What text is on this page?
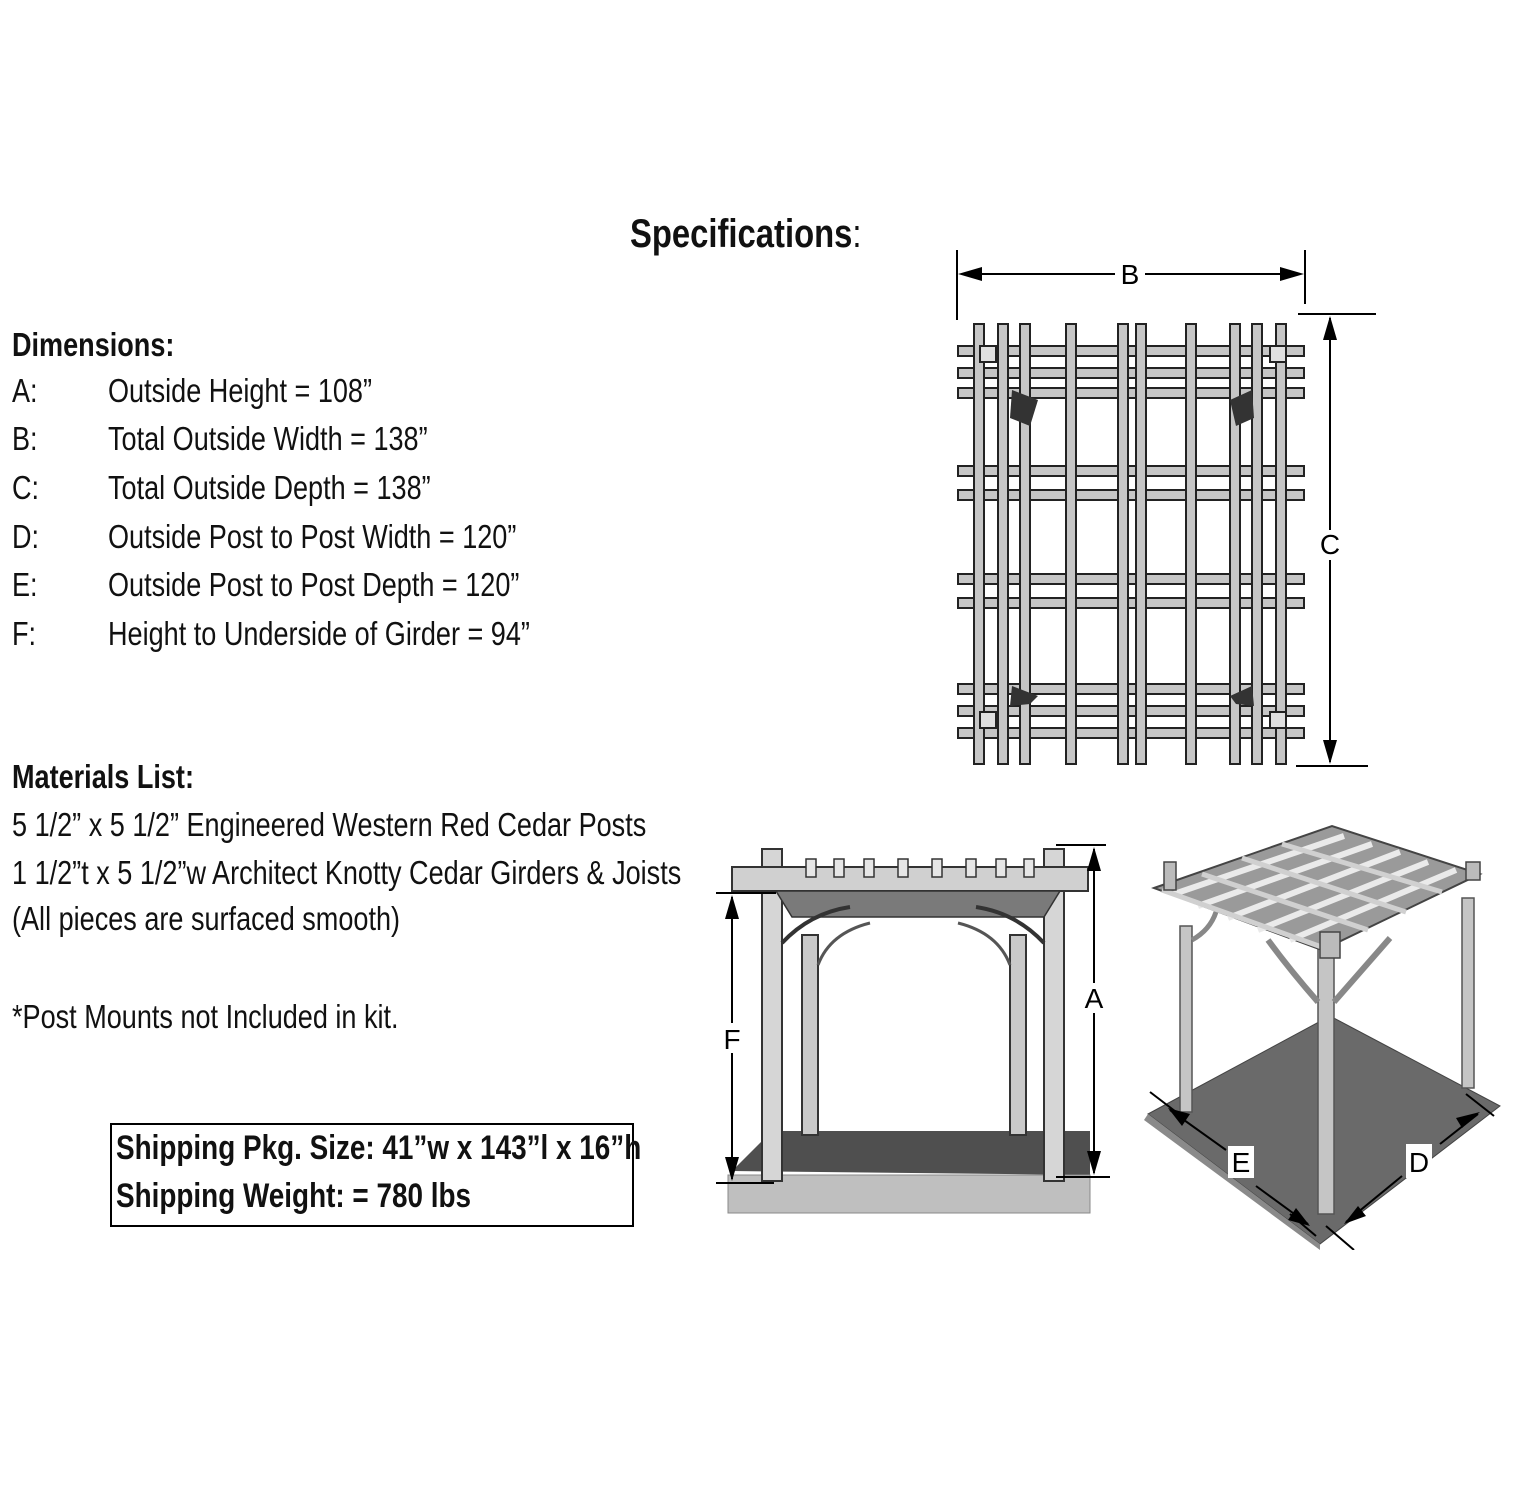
Specifications:
Dimensions:
A: Outside Height = 108”
B: Total Outside Width = 138”
C: Total Outside Depth = 138”
D: Outside Post to Post Width = 120”
E: Outside Post to Post Depth = 120”
F: Height to Underside of Girder = 94”
Materials List:
5 1/2” x 5 1/2” Engineered Western Red Cedar Posts
1 1/2”t x 5 1/2”w Architect Knotty Cedar Girders & Joists
(All pieces are surfaced smooth)
*Post Mounts not Included in kit.
Shipping Pkg. Size: 41”w x 143”l x 16”h
Shipping Weight: = 780 lbs
B
C
F
A
E	D
